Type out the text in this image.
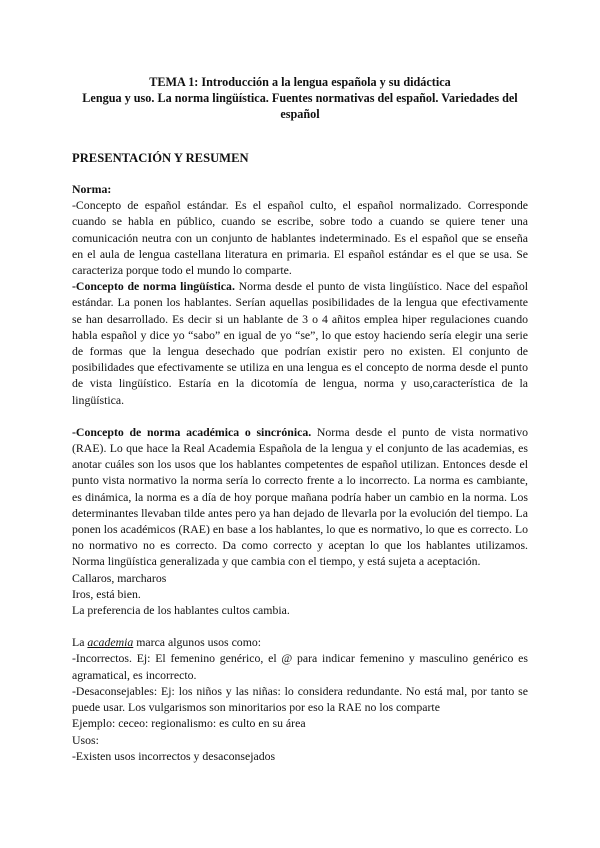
TEMA 1: Introducción a la lengua española y su didáctica
Lengua y uso. La norma lingüística. Fuentes normativas del español. Variedades del
español
PRESENTACIÓN Y RESUMEN

Norma:

-Concepto de español estándar. Es el español culto, el español normalizado. Corresponde cuando se habla en público, cuando se escribe, sobre todo a cuando se quiere tener una comunicación neutra con un conjunto de hablantes indeterminado. Es el español que se enseña en el aula de lengua castellana literatura en primaria. El español estándar es el que se usa. Se caracteriza porque todo el mundo lo comparte.

-Concepto de norma lingüística. Norma desde el punto de vista lingüístico. Nace del español estándar. La ponen los hablantes. Serían aquellas posibilidades de la lengua que efectivamente se han desarrollado. Es decir si un hablante de 3 o 4 añitos emplea hiper regulaciones cuando habla español y dice yo “sabo” en igual de yo “se”, lo que estoy haciendo sería elegir una serie de formas que la lengua desechado que podrían existir pero no existen. El conjunto de posibilidades que efectivamente se utiliza en una lengua es el concepto de norma desde el punto de vista lingüístico. Estaría en la dicotomía de lengua, norma y uso,característica de la lingüística.

-Concepto de norma académica o sincrónica. Norma desde el punto de vista normativo (RAE). Lo que hace la Real Academia Española de la lengua y el conjunto de las academias, es anotar cuáles son los usos que los hablantes competentes de español utilizan. Entonces desde el punto vista normativo la norma sería lo correcto frente a lo incorrecto. La norma es cambiante, es dinámica, la norma es a día de hoy porque mañana podría haber un cambio en la norma. Los determinantes llevaban tilde antes pero ya han dejado de llevarla por la evolución del tiempo. La ponen los académicos (RAE) en base a los hablantes, lo que es normativo, lo que es correcto. Lo no normativo no es correcto. Da como correcto y aceptan lo que los hablantes utilizamos. Norma lingüística generalizada y que cambia con el tiempo, y está sujeta a aceptación.

Callaros, marcharos

Iros, está bien.

La preferencia de los hablantes cultos cambia.

La academia marca algunos usos como:

-Incorrectos. Ej: El femenino genérico, el @ para indicar femenino y masculino genérico es agramatical, es incorrecto.

-Desaconsejables: Ej: los niños y las niñas: lo considera redundante. No está mal, por tanto se puede usar. Los vulgarismos son minoritarios por eso la RAE no los comparte

Ejemplo: ceceo: regionalismo: es culto en su área

Usos:

-Existen usos incorrectos y desaconsejados
